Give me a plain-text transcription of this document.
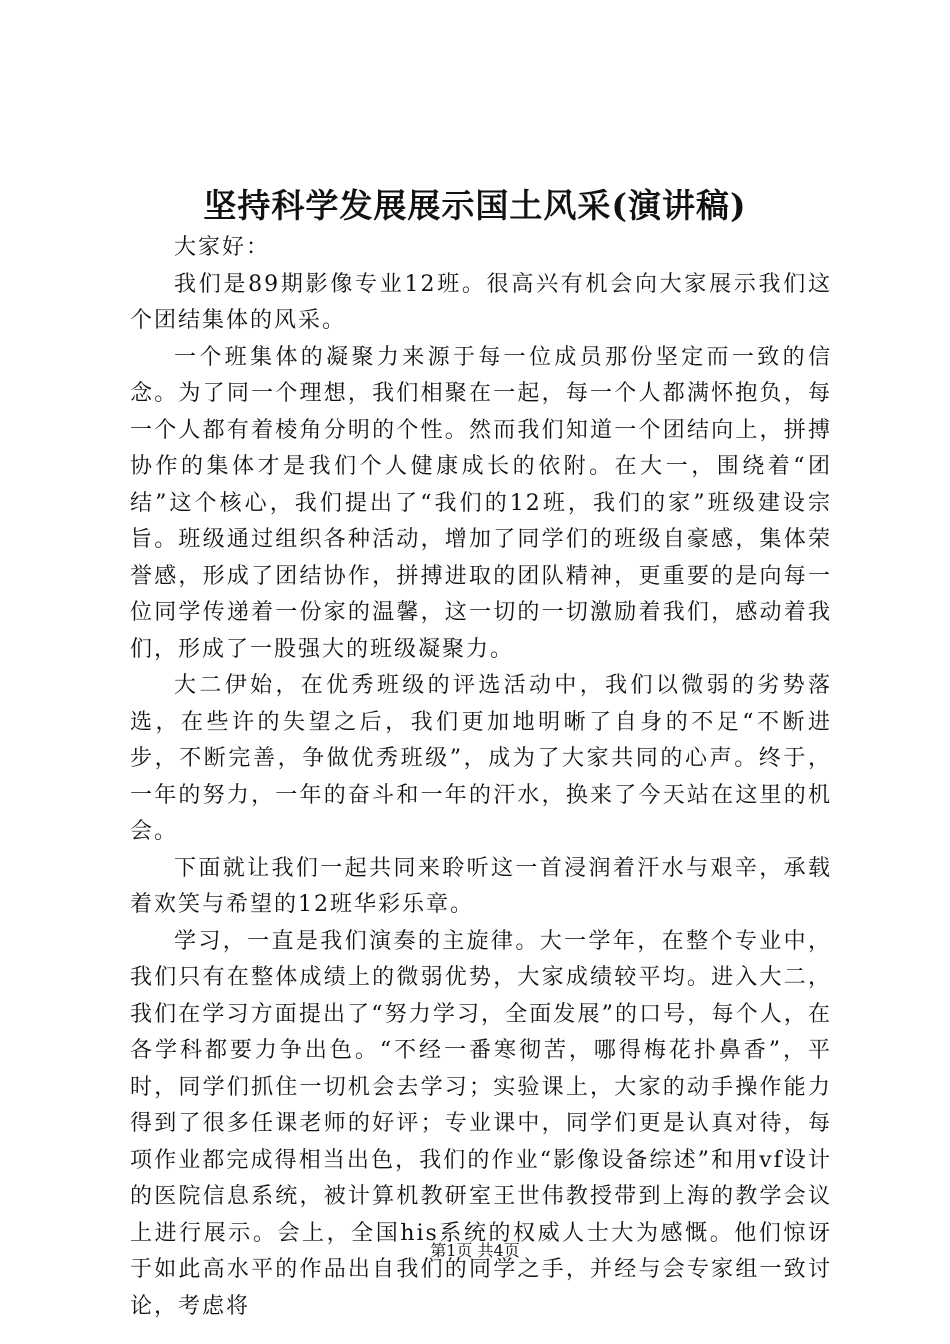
坚持科学发展展示国土风采(演讲稿)

大家好：

我们是89期影像专业12班。很高兴有机会向大家展示我们这个团结集体的风采。

一个班集体的凝聚力来源于每一位成员那份坚定而一致的信念。为了同一个理想，我们相聚在一起，每一个人都满怀抱负，每一个人都有着棱角分明的个性。然而我们知道一个团结向上，拼搏协作的集体才是我们个人健康成长的依附。在大一，围绕着“团结”这个核心，我们提出了“我们的12班，我们的家”班级建设宗旨。班级通过组织各种活动，增加了同学们的班级自豪感，集体荣誉感，形成了团结协作，拼搏进取的团队精神，更重要的是向每一位同学传递着一份家的温馨，这一切的一切激励着我们，感动着我们，形成了一股强大的班级凝聚力。

大二伊始，在优秀班级的评选活动中，我们以微弱的劣势落选，在些许的失望之后，我们更加地明晰了自身的不足“不断进步，不断完善，争做优秀班级”，成为了大家共同的心声。终于，一年的努力，一年的奋斗和一年的汗水，换来了今天站在这里的机会。

下面就让我们一起共同来聆听这一首浸润着汗水与艰辛，承载着欢笑与希望的12班华彩乐章。

学习，一直是我们演奏的主旋律。大一学年，在整个专业中，我们只有在整体成绩上的微弱优势，大家成绩较平均。进入大二，我们在学习方面提出了“努力学习，全面发展”的口号，每个人，在各学科都要力争出色。“不经一番寒彻苦，哪得梅花扑鼻香”，平时，同学们抓住一切机会去学习；实验课上，大家的动手操作能力得到了很多任课老师的好评；专业课中，同学们更是认真对待，每项作业都完成得相当出色，我们的作业“影像设备综述”和用vf设计的医院信息系统，被计算机教研室王世伟教授带到上海的教学会议上进行展示。会上，全国his系统的权威人士大为感慨。他们惊讶于如此高水平的作品出自我们的同学之手，并经与会专家组一致讨论，考虑将

第1页 共4页
